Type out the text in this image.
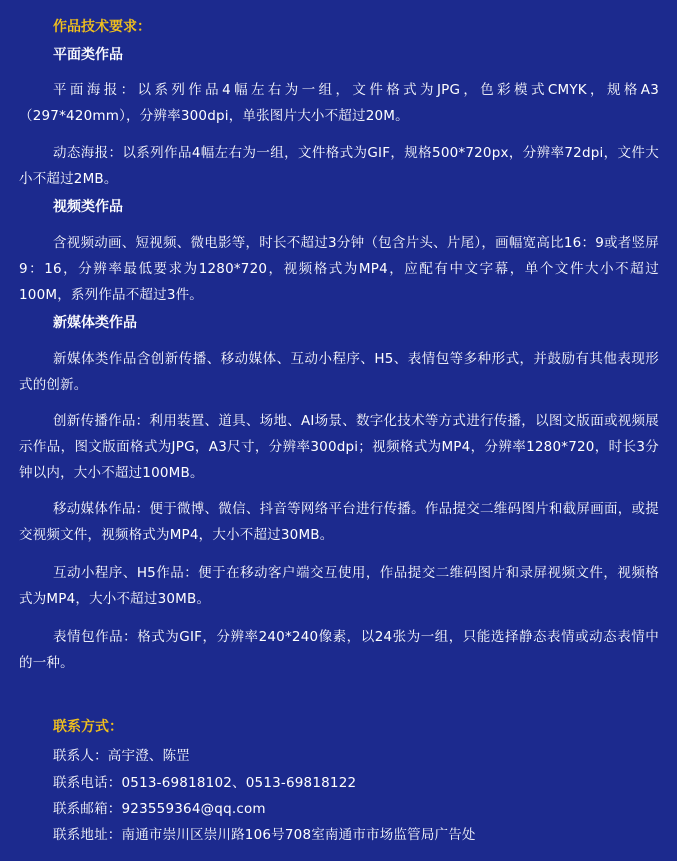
作品技术要求：
平面类作品

平面海报：以系列作品4幅左右为一组，文件格式为JPG，色彩模式CMYK，规格A3（297*420mm），分辨率300dpi，单张图片大小不超过20M。

动态海报：以系列作品4幅左右为一组，文件格式为GIF，规格500*720px，分辨率72dpi，文件大小不超过2MB。

视频类作品

含视频动画、短视频、微电影等，时长不超过3分钟（包含片头、片尾），画幅宽高比16：9或者竖屏9：16，分辨率最低要求为1280*720，视频格式为MP4，应配有中文字幕，单个文件大小不超过100M，系列作品不超过3件。

新媒体类作品

新媒体类作品含创新传播、移动媒体、互动小程序、H5、表情包等多种形式，并鼓励有其他表现形式的创新。

创新传播作品：利用装置、道具、场地、AI场景、数字化技术等方式进行传播，以图文版面或视频展示作品，图文版面格式为JPG，A3尺寸，分辨率300dpi；视频格式为MP4，分辨率1280*720，时长3分钟以内，大小不超过100MB。

移动媒体作品：便于微博、微信、抖音等网络平台进行传播。作品提交二维码图片和截屏画面，或提交视频文件，视频格式为MP4，大小不超过30MB。

互动小程序、H5作品：便于在移动客户端交互使用，作品提交二维码图片和录屏视频文件，视频格式为MP4，大小不超过30MB。

表情包作品：格式为GIF，分辨率240*240像素，以24张为一组，只能选择静态表情或动态表情中的一种。

联系方式：

联系人：高宇澄、陈罡

联系电话：0513-69818102、0513-69818122

联系邮箱：923559364@qq.com

联系地址：南通市崇川区崇川路106号708室南通市市场监管局广告处
